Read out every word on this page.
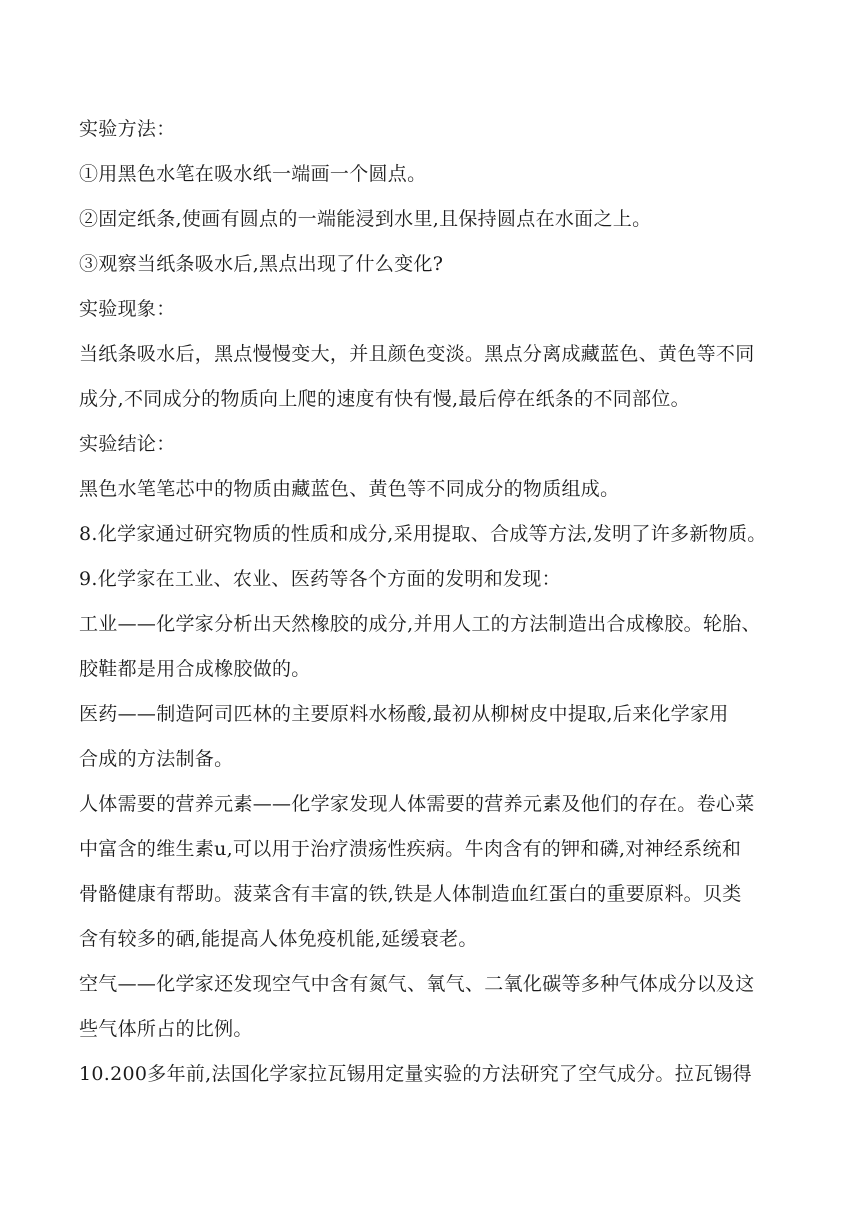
实验方法：
①用黑色水笔在吸水纸一端画一个圆点。
②固定纸条,使画有圆点的一端能浸到水里,且保持圆点在水面之上。
③观察当纸条吸水后,黑点出现了什么变化?
实验现象：
当纸条吸水后，黑点慢慢变大，并且颜色变淡。黑点分离成藏蓝色、黄色等不同
成分,不同成分的物质向上爬的速度有快有慢,最后停在纸条的不同部位。
实验结论：
黑色水笔笔芯中的物质由藏蓝色、黄色等不同成分的物质组成。
8.化学家通过研究物质的性质和成分,采用提取、合成等方法,发明了许多新物质。
9.化学家在工业、农业、医药等各个方面的发明和发现：
工业——化学家分析出天然橡胶的成分,并用人工的方法制造出合成橡胶。轮胎、
胶鞋都是用合成橡胶做的。
医药——制造阿司匹林的主要原料水杨酸,最初从柳树皮中提取,后来化学家用
合成的方法制备。
人体需要的营养元素——化学家发现人体需要的营养元素及他们的存在。卷心菜
中富含的维生素u,可以用于治疗溃疡性疾病。牛肉含有的钾和磷,对神经系统和
骨骼健康有帮助。菠菜含有丰富的铁,铁是人体制造血红蛋白的重要原料。贝类
含有较多的硒,能提高人体免疫机能,延缓衰老。
空气——化学家还发现空气中含有氮气、氧气、二氧化碳等多种气体成分以及这
些气体所占的比例。
10.200多年前,法国化学家拉瓦锡用定量实验的方法研究了空气成分。拉瓦锡得
